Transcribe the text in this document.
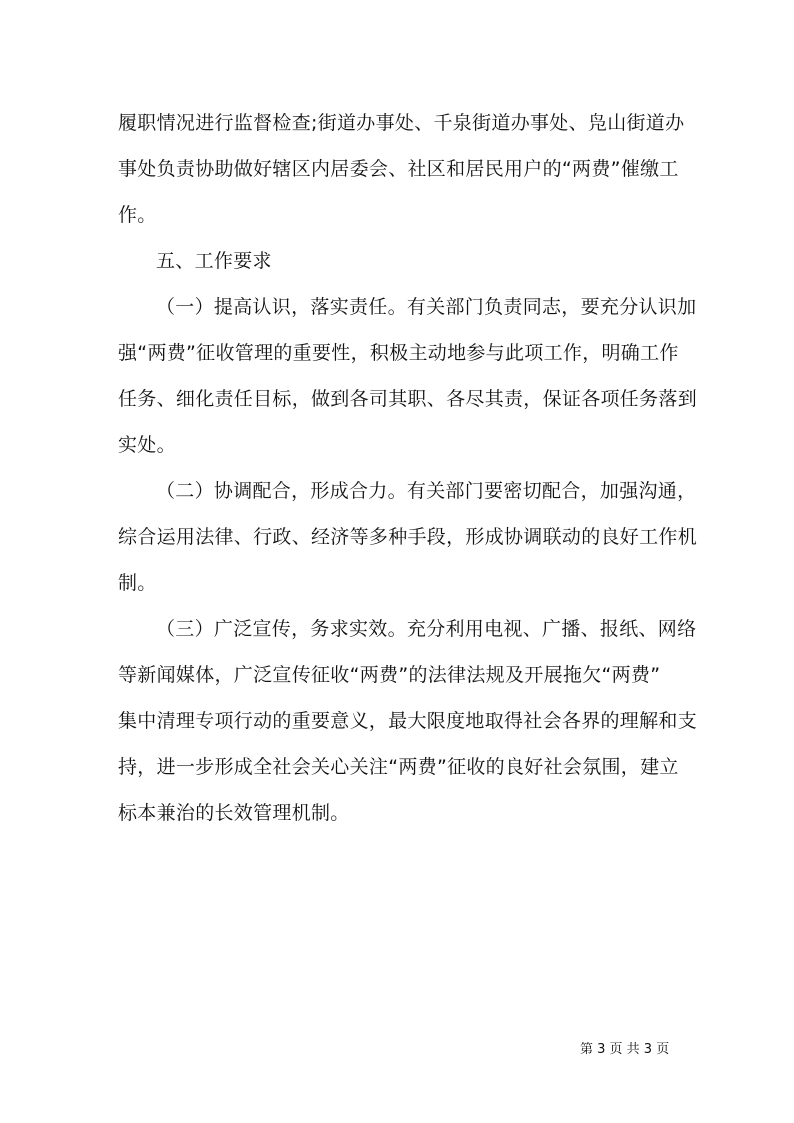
履职情况进行监督检查;街道办事处、千泉街道办事处、凫山街道办
事处负责协助做好辖区内居委会、社区和居民用户的“两费”催缴工
作。
五、工作要求
（一）提高认识，落实责任。有关部门负责同志，要充分认识加
强“两费”征收管理的重要性，积极主动地参与此项工作，明确工作
任务、细化责任目标，做到各司其职、各尽其责，保证各项任务落到
实处。
（二）协调配合，形成合力。有关部门要密切配合，加强沟通，
综合运用法律、行政、经济等多种手段，形成协调联动的良好工作机
制。
（三）广泛宣传，务求实效。充分利用电视、广播、报纸、网络
等新闻媒体，广泛宣传征收“两费”的法律法规及开展拖欠“两费”
集中清理专项行动的重要意义，最大限度地取得社会各界的理解和支
持，进一步形成全社会关心关注“两费”征收的良好社会氛围，建立
标本兼治的长效管理机制。
第 3 页 共 3 页
